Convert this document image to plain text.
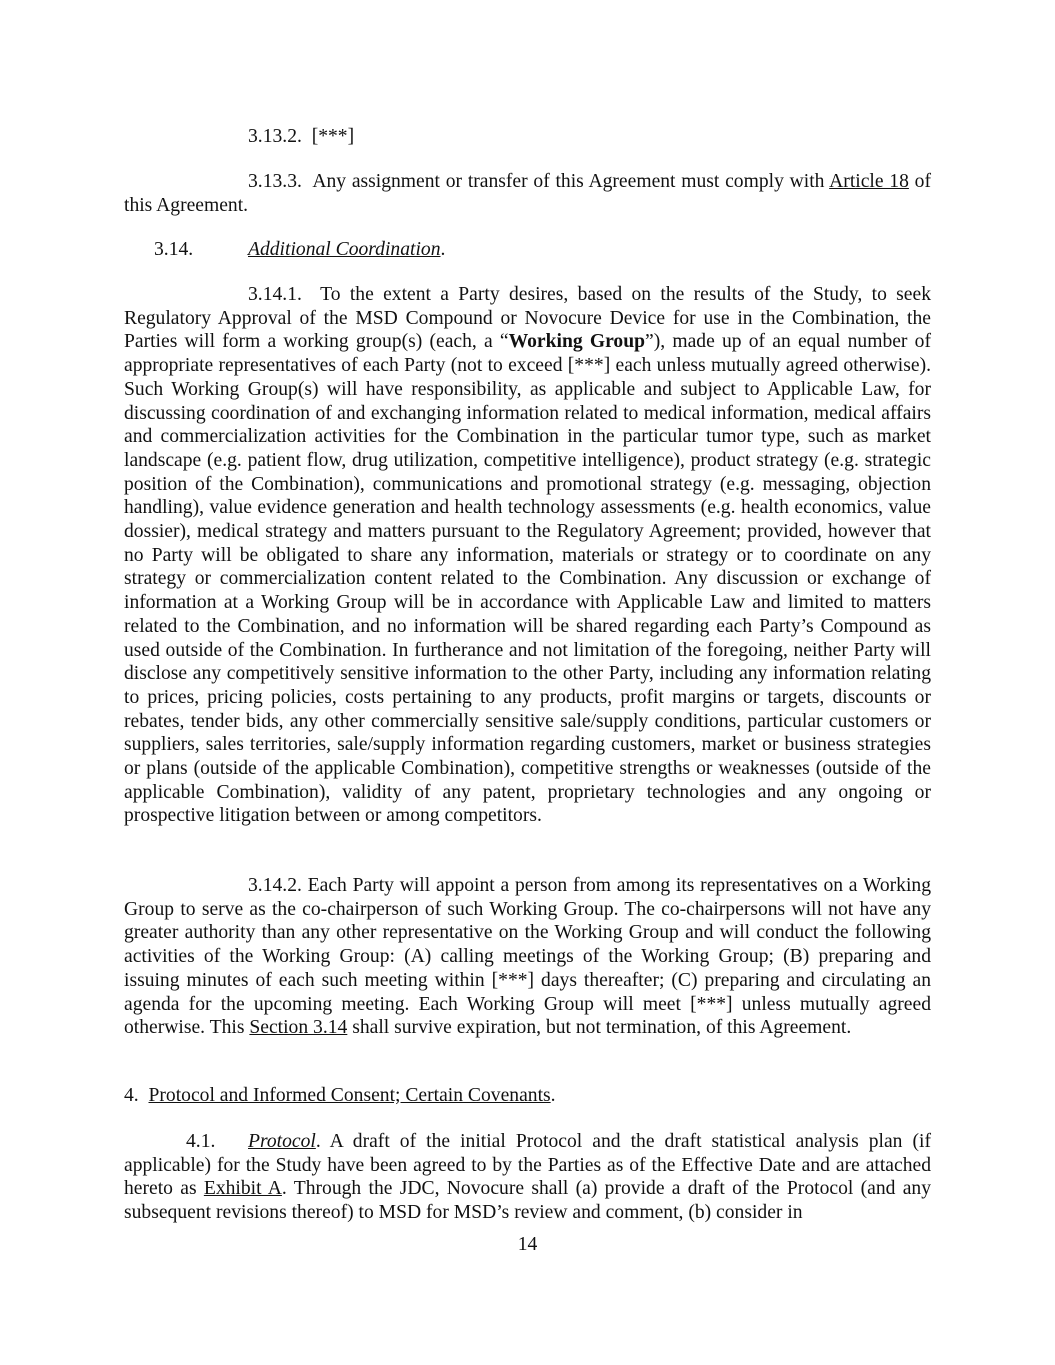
3.13.2. [***]

3.13.3. Any assignment or transfer of this Agreement must comply with Article 18 of this Agreement.

3.14.	Additional Coordination.

3.14.1. To the extent a Party desires, based on the results of the Study, to seek Regulatory Approval of the MSD Compound or Novocure Device for use in the Combination, the Parties will form a working group(s) (each, a “Working Group”), made up of an equal number of appropriate representatives of each Party (not to exceed [***] each unless mutually agreed otherwise). Such Working Group(s) will have responsibility, as applicable and subject to Applicable Law, for discussing coordination of and exchanging information related to medical information, medical affairs and commercialization activities for the Combination in the particular tumor type, such as market landscape (e.g. patient flow, drug utilization, competitive intelligence), product strategy (e.g. strategic position of the Combination), communications and promotional strategy (e.g. messaging, objection handling), value evidence generation and health technology assessments (e.g. health economics, value dossier), medical strategy and matters pursuant to the Regulatory Agreement; provided, however that no Party will be obligated to share any information, materials or strategy or to coordinate on any strategy or commercialization content related to the Combination. Any discussion or exchange of information at a Working Group will be in accordance with Applicable Law and limited to matters related to the Combination, and no information will be shared regarding each Party’s Compound as used outside of the Combination. In furtherance and not limitation of the foregoing, neither Party will disclose any competitively sensitive information to the other Party, including any information relating to prices, pricing policies, costs pertaining to any products, profit margins or targets, discounts or rebates, tender bids, any other commercially sensitive sale/supply conditions, particular customers or suppliers, sales territories, sale/supply information regarding customers, market or business strategies or plans (outside of the applicable Combination), competitive strengths or weaknesses (outside of the applicable Combination), validity of any patent, proprietary technologies and any ongoing or prospective litigation between or among competitors.

3.14.2. Each Party will appoint a person from among its representatives on a Working Group to serve as the co-chairperson of such Working Group. The co-chairpersons will not have any greater authority than any other representative on the Working Group and will conduct the following activities of the Working Group: (A) calling meetings of the Working Group; (B) preparing and issuing minutes of each such meeting within [***] days thereafter; (C) preparing and circulating an agenda for the upcoming meeting. Each Working Group will meet [***] unless mutually agreed otherwise. This Section 3.14 shall survive expiration, but not termination, of this Agreement.

4. Protocol and Informed Consent; Certain Covenants.

4.1. Protocol. A draft of the initial Protocol and the draft statistical analysis plan (if applicable) for the Study have been agreed to by the Parties as of the Effective Date and are attached hereto as Exhibit A. Through the JDC, Novocure shall (a) provide a draft of the Protocol (and any subsequent revisions thereof) to MSD for MSD’s review and comment, (b) consider in

14
